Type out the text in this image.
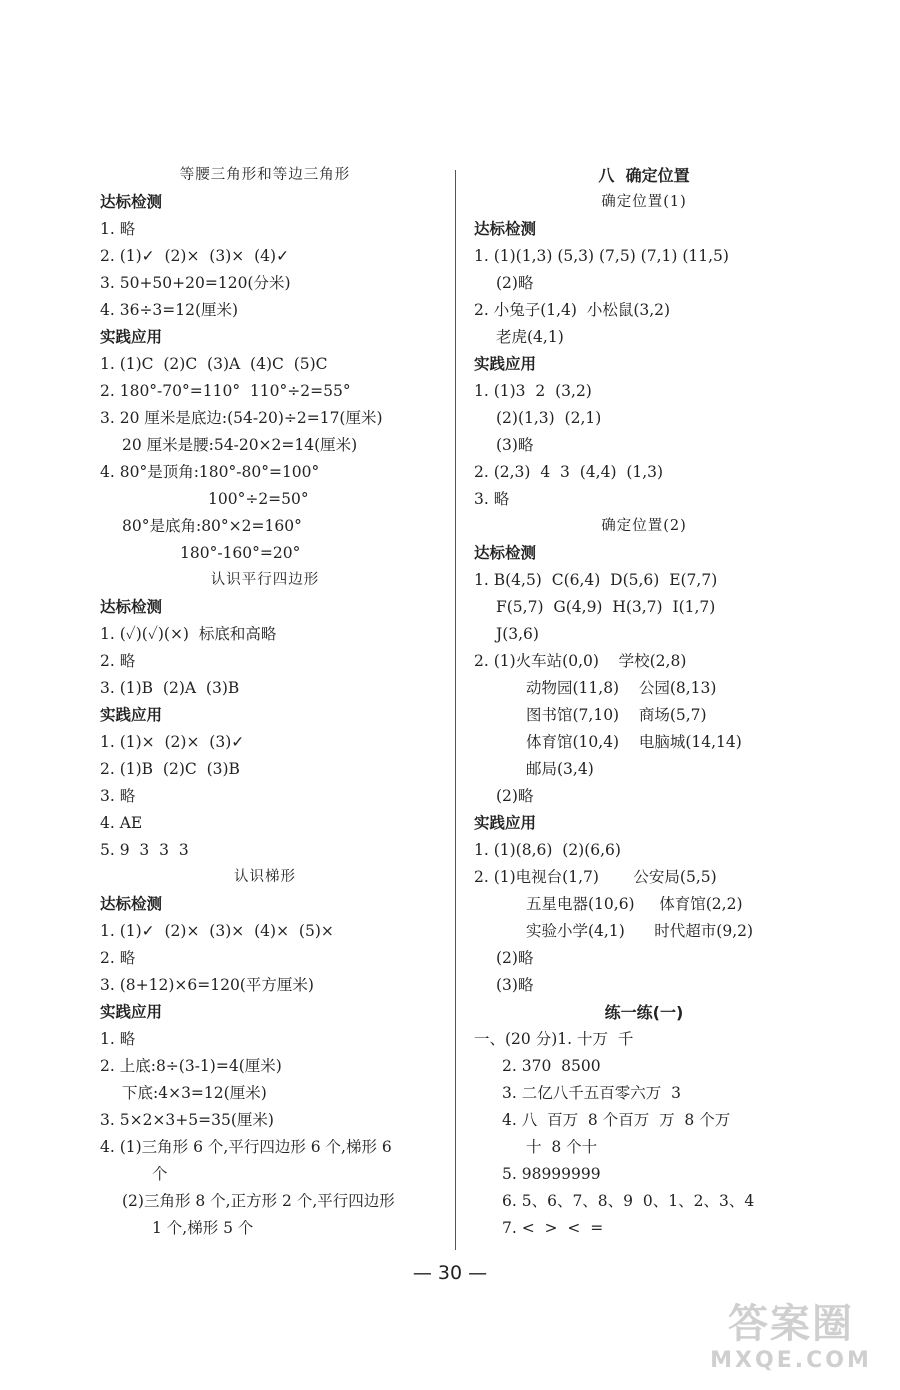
等腰三角形和等边三角形
达标检测
1. 略
2. (1)✓  (2)×  (3)×  (4)✓
3. 50+50+20=120(分米)
4. 36÷3=12(厘米)
实践应用
1. (1)C  (2)C  (3)A  (4)C  (5)C
2. 180°-70°=110°  110°÷2=55°
3. 20 厘米是底边:(54-20)÷2=17(厘米)
20 厘米是腰:54-20×2=14(厘米)
4. 80°是顶角:180°-80°=100°
100°÷2=50°
80°是底角:80°×2=160°
180°-160°=20°
认识平行四边形
达标检测
1. (✓)(✓)(×)  标底和高略
2. 略
3. (1)B  (2)A  (3)B
实践应用
1. (1)×  (2)×  (3)✓
2. (1)B  (2)C  (3)B
3. 略
4. AE
5. 9  3  3  3
认识梯形
达标检测
1. (1)✓  (2)×  (3)×  (4)×  (5)×
2. 略
3. (8+12)×6=120(平方厘米)
实践应用
1. 略
2. 上底:8÷(3-1)=4(厘米)
下底:4×3=12(厘米)
3. 5×2×3+5=35(厘米)
4. (1)三角形 6 个,平行四边形 6 个,梯形 6
个
(2)三角形 8 个,正方形 2 个,平行四边形
1 个,梯形 5 个
八  确定位置
确定位置(1)
达标检测
1. (1)(1,3) (5,3) (7,5) (7,1) (11,5)
(2)略
2. 小兔子(1,4)  小松鼠(3,2)
老虎(4,1)
实践应用
1. (1)3  2  (3,2)
(2)(1,3)  (2,1)
(3)略
2. (2,3)  4  3  (4,4)  (1,3)
3. 略
确定位置(2)
达标检测
1. B(4,5)  C(6,4)  D(5,6)  E(7,7)
F(5,7)  G(4,9)  H(3,7)  I(1,7)
J(3,6)
2. (1)火车站(0,0)    学校(2,8)
动物园(11,8)    公园(8,13)
图书馆(7,10)    商场(5,7)
体育馆(10,4)    电脑城(14,14)
邮局(3,4)
(2)略
实践应用
1. (1)(8,6)  (2)(6,6)
2. (1)电视台(1,7)       公安局(5,5)
五星电器(10,6)     体育馆(2,2)
实验小学(4,1)      时代超市(9,2)
(2)略
(3)略
练一练(一)
一、(20 分)1. 十万  千
2. 370  8500
3. 二亿八千五百零六万  3
4. 八  百万  8 个百万  万  8 个万
十  8 个十
5. 98999999
6. 5、6、7、8、9  0、1、2、3、4
7. <  >  <  =
— 30 —
答案圈
MXQE.COM
